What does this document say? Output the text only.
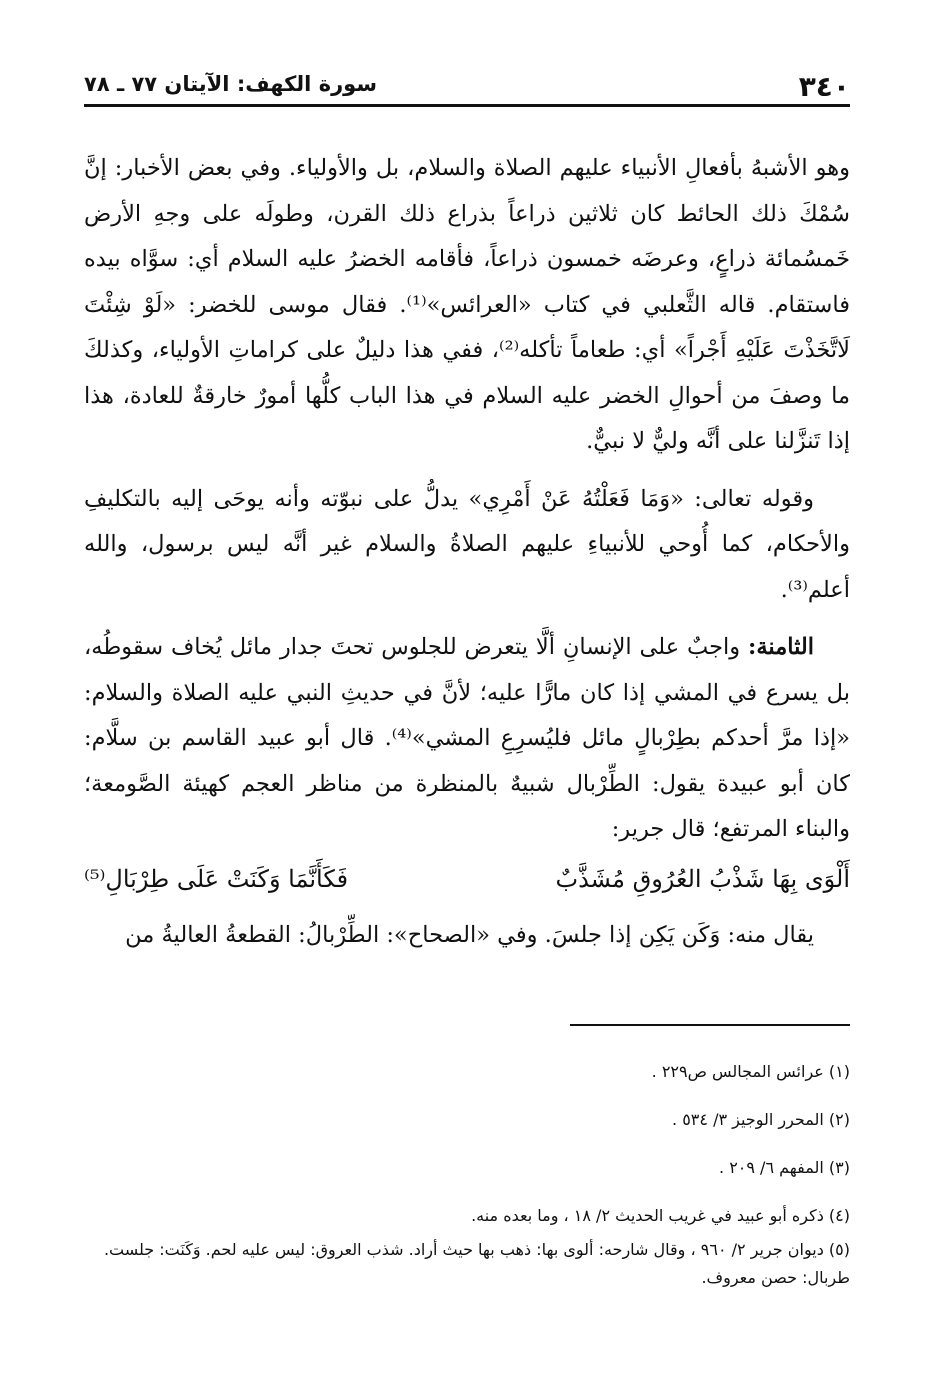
٣٤٠
سورة الكهف: الآيتان ٧٧ ـ ٧٨

وهو الأشبهُ بأفعالِ الأنبياء عليهم الصلاة والسلام، بل والأولياء. وفي بعض الأخبار: إنَّ سُمْكَ ذلك الحائط كان ثلاثين ذراعاً بذراع ذلك القرن، وطولَه على وجهِ الأرض خَمسُمائة ذراعٍ، وعرضَه خمسون ذراعاً، فأقامه الخضرُ عليه السلام أي: سوَّاه بيده فاستقام. قاله الثَّعلبي في كتاب «العرائس»⁽¹⁾. فقال موسى للخضر: «لَوْ شِئْتَ لَاتَّخَذْتَ عَلَيْهِ أَجْراً» أي: طعاماً تأكله⁽²⁾، ففي هذا دليلٌ على كراماتِ الأولياء، وكذلكَ ما وصفَ من أحوالِ الخضر عليه السلام في هذا الباب كلُّها أمورٌ خارقةٌ للعادة، هذا إذا تَنزَّلنا على أنَّه وليٌّ لا نبيٌّ.

وقوله تعالى: «وَمَا فَعَلْتُهُ عَنْ أَمْرِي» يدلُّ على نبوّته وأنه يوحَى إليه بالتكليفِ والأحكام، كما أُوحي للأنبياءِ عليهم الصلاةُ والسلام غير أنَّه ليس برسول، والله أعلم⁽³⁾.

الثامنة: واجبٌ على الإنسانِ ألَّا يتعرض للجلوس تحتَ جدار مائل يُخاف سقوطُه، بل يسرع في المشي إذا كان مارًّا عليه؛ لأنَّ في حديثِ النبي عليه الصلاة والسلام: «إذا مرَّ أحدكم بطِرْبالٍ مائل فليُسرِعِ المشي»⁽⁴⁾. قال أبو عبيد القاسم بن سلَّام: كان أبو عبيدة يقول: الطِّرْبال شبيهٌ بالمنظرة من مناظر العجم كهيئة الصَّومعة؛ والبناء المرتفع؛ قال جرير:

أَلْوَى بِهَا شَذْبُ العُرُوقِ مُشَذَّبٌ
فَكَأَنَّمَا وَكَنَتْ عَلَى طِرْبَالِ⁽⁵⁾

يقال منه: وَكَن يَكِن إذا جلسَ. وفي «الصحاح»: الطِّرْبالُ: القطعةُ العاليةُ من

(١) عرائس المجالس ص٢٢٩ .

(٢) المحرر الوجيز ٣/ ٥٣٤ .

(٣) المفهم ٦/ ٢٠٩ .

(٤) ذكره أبو عبيد في غريب الحديث ٢/ ١٨ ، وما بعده منه.

(٥) ديوان جرير ٢/ ٩٦٠ ، وقال شارحه: ألوى بها: ذهب بها حيث أراد. شذب العروق: ليس عليه لحم. وَكَنَت: جلست. طربال: حصن معروف.
